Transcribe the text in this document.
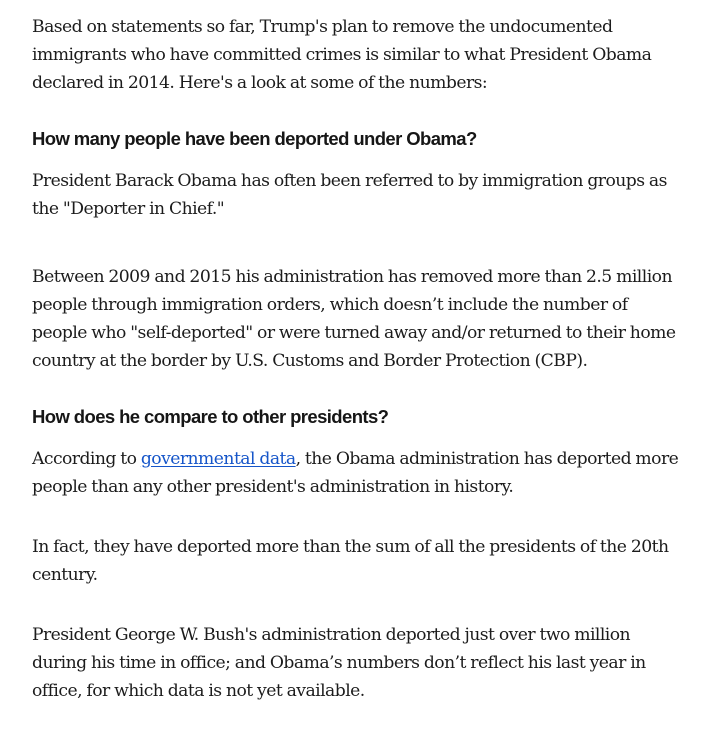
Based on statements so far, Trump's plan to remove the undocumented immigrants who have committed crimes is similar to what President Obama declared in 2014. Here's a look at some of the numbers:

How many people have been deported under Obama?

President Barack Obama has often been referred to by immigration groups as the "Deporter in Chief."

Between 2009 and 2015 his administration has removed more than 2.5 million people through immigration orders, which doesn’t include the number of people who "self-deported" or were turned away and/or returned to their home country at the border by U.S. Customs and Border Protection (CBP).

How does he compare to other presidents?

According to governmental data, the Obama administration has deported more people than any other president's administration in history.

In fact, they have deported more than the sum of all the presidents of the 20th century.

President George W. Bush's administration deported just over two million during his time in office; and Obama’s numbers don’t reflect his last year in office, for which data is not yet available.
